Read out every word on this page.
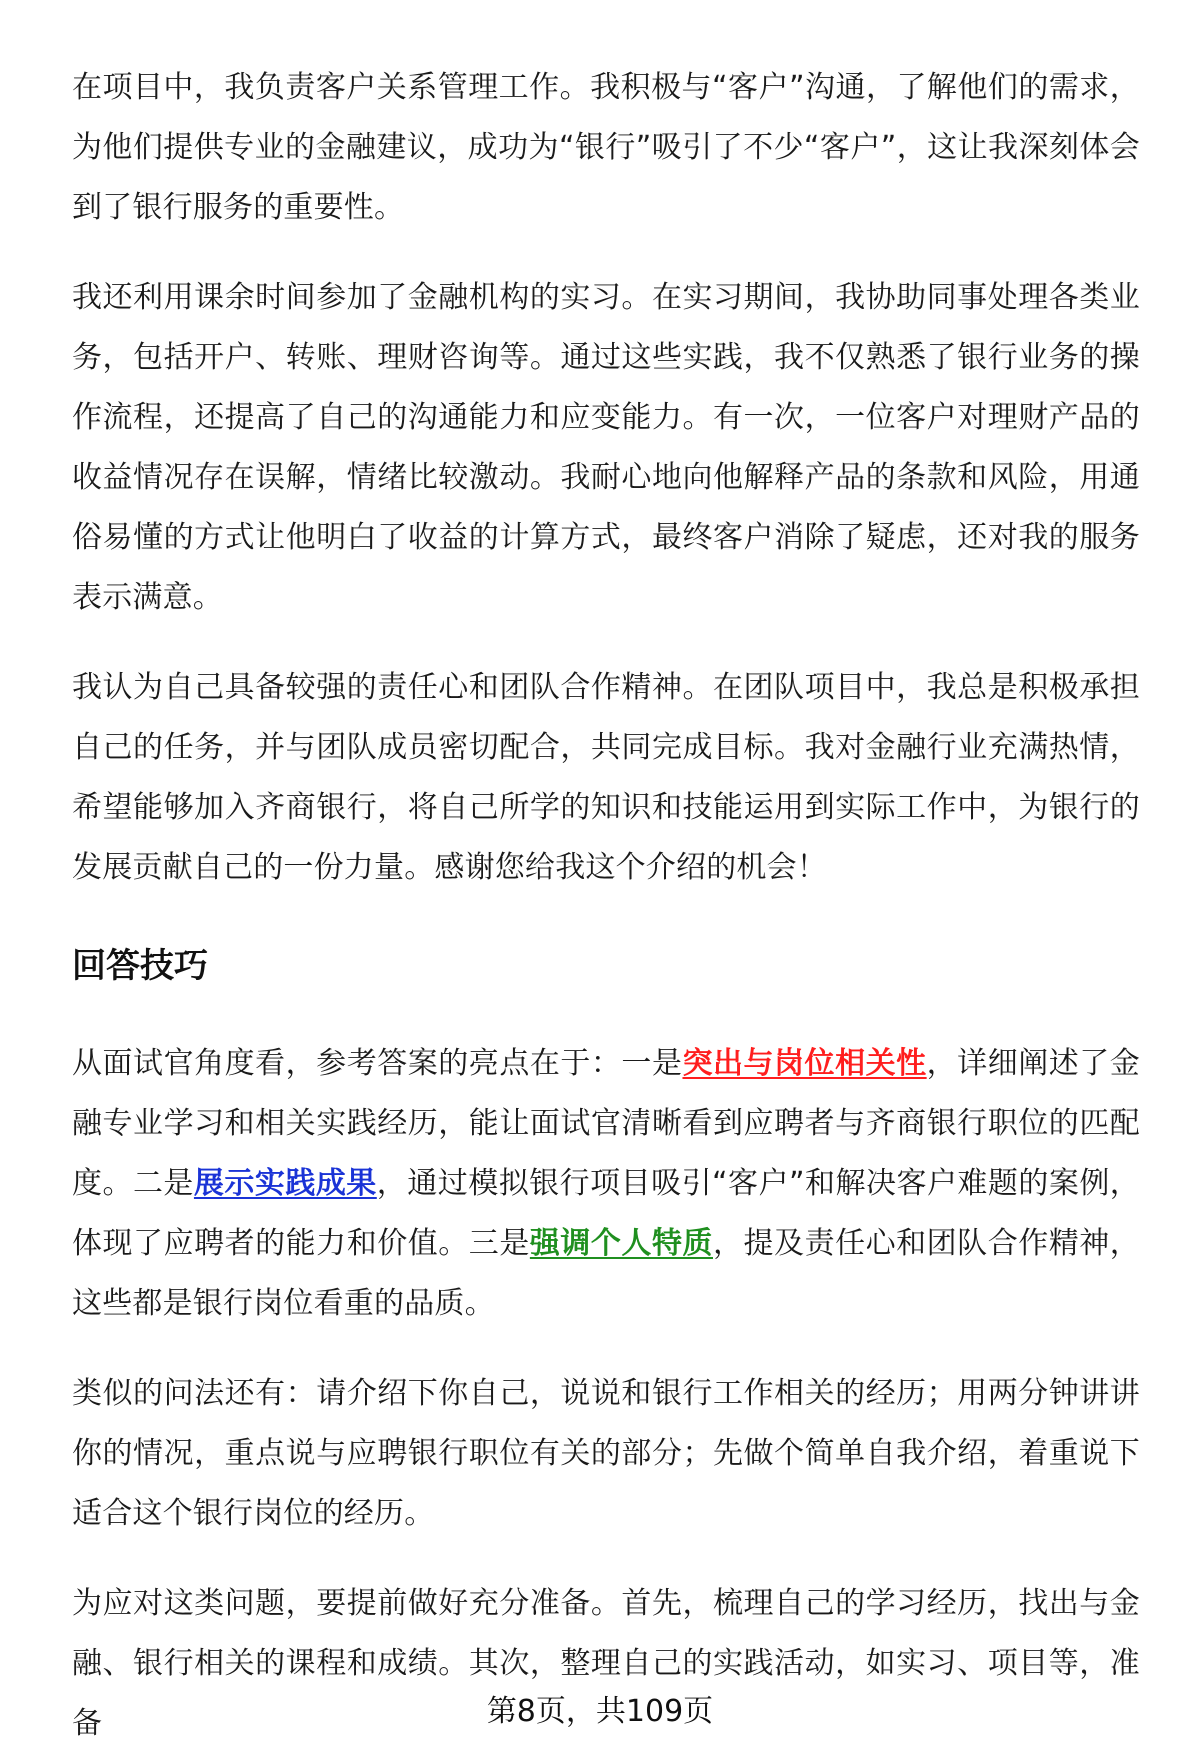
在项目中，我负责客户关系管理工作。我积极与“客户”沟通，了解他们的需求，为他们提供专业的金融建议，成功为“银行”吸引了不少“客户”，这让我深刻体会到了银行服务的重要性。

我还利用课余时间参加了金融机构的实习。在实习期间，我协助同事处理各类业务，包括开户、转账、理财咨询等。通过这些实践，我不仅熟悉了银行业务的操作流程，还提高了自己的沟通能力和应变能力。有一次，一位客户对理财产品的收益情况存在误解，情绪比较激动。我耐心地向他解释产品的条款和风险，用通俗易懂的方式让他明白了收益的计算方式，最终客户消除了疑虑，还对我的服务表示满意。

我认为自己具备较强的责任心和团队合作精神。在团队项目中，我总是积极承担自己的任务，并与团队成员密切配合，共同完成目标。我对金融行业充满热情，希望能够加入齐商银行，将自己所学的知识和技能运用到实际工作中，为银行的发展贡献自己的一份力量。感谢您给我这个介绍的机会！

回答技巧

从面试官角度看，参考答案的亮点在于：一是突出与岗位相关性，详细阐述了金融专业学习和相关实践经历，能让面试官清晰看到应聘者与齐商银行职位的匹配度。二是展示实践成果，通过模拟银行项目吸引“客户”和解决客户难题的案例，体现了应聘者的能力和价值。三是强调个人特质，提及责任心和团队合作精神，这些都是银行岗位看重的品质。

类似的问法还有：请介绍下你自己，说说和银行工作相关的经历；用两分钟讲讲你的情况，重点说与应聘银行职位有关的部分；先做个简单自我介绍，着重说下适合这个银行岗位的经历。

为应对这类问题，要提前做好充分准备。首先，梳理自己的学习经历，找出与金融、银行相关的课程和成绩。其次，整理自己的实践活动，如实习、项目等，准备	第8页，共109页
